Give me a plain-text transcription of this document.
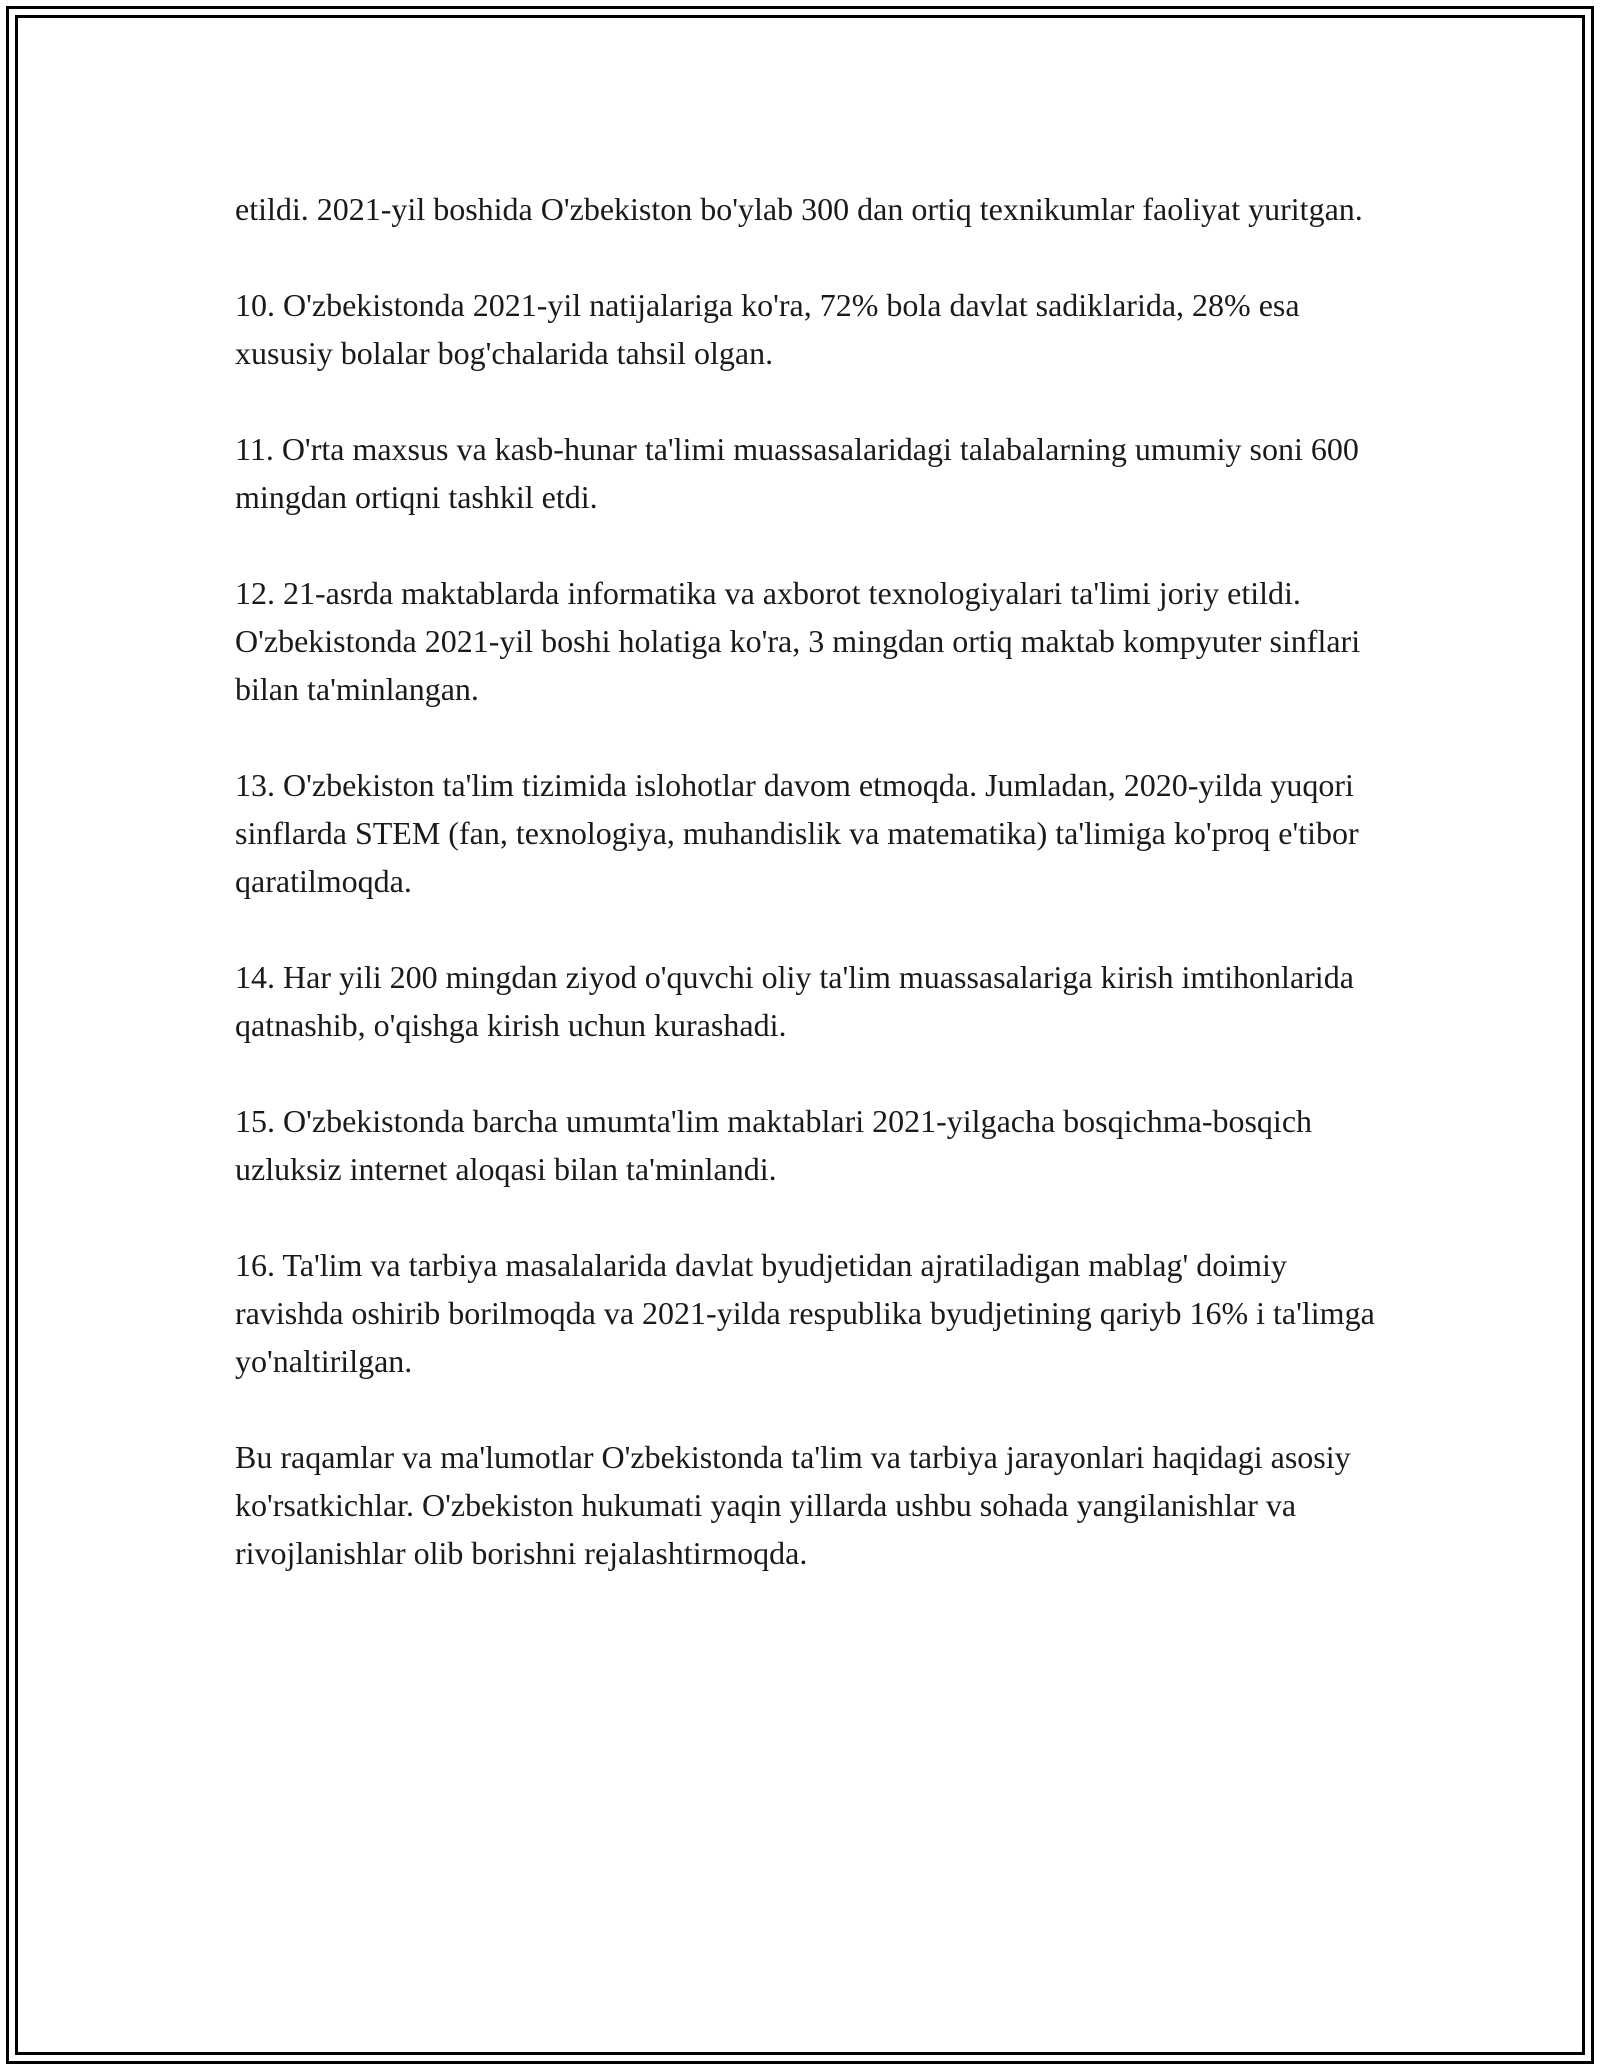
etildi. 2021-yil boshida O'zbekiston bo'ylab 300 dan ortiq texnikumlar faoliyat yuritgan.

10. O'zbekistonda 2021-yil natijalariga ko'ra, 72% bola davlat sadiklarida, 28% esa xususiy bolalar bog'chalarida tahsil olgan.

11. O'rta maxsus va kasb-hunar ta'limi muassasalaridagi talabalarning umumiy soni 600 mingdan ortiqni tashkil etdi.

12. 21-asrda maktablarda informatika va axborot texnologiyalari ta'limi joriy etildi. O'zbekistonda 2021-yil boshi holatiga ko'ra, 3 mingdan ortiq maktab kompyuter sinflari bilan ta'minlangan.

13. O'zbekiston ta'lim tizimida islohotlar davom etmoqda. Jumladan, 2020-yilda yuqori sinflarda STEM (fan, texnologiya, muhandislik va matematika) ta'limiga ko'proq e'tibor qaratilmoqda.

14. Har yili 200 mingdan ziyod o'quvchi oliy ta'lim muassasalariga kirish imtihonlarida qatnashib, o'qishga kirish uchun kurashadi.

15. O'zbekistonda barcha umumta'lim maktablari 2021-yilgacha bosqichma-bosqich uzluksiz internet aloqasi bilan ta'minlandi.

16. Ta'lim va tarbiya masalalarida davlat byudjetidan ajratiladigan mablag' doimiy ravishda oshirib borilmoqda va 2021-yilda respublika byudjetining qariyb 16% i ta'limga yo'naltirilgan.

Bu raqamlar va ma'lumotlar O'zbekistonda ta'lim va tarbiya jarayonlari haqidagi asosiy ko'rsatkichlar. O'zbekiston hukumati yaqin yillarda ushbu sohada yangilanishlar va rivojlanishlar olib borishni rejalashtirmoqda.
